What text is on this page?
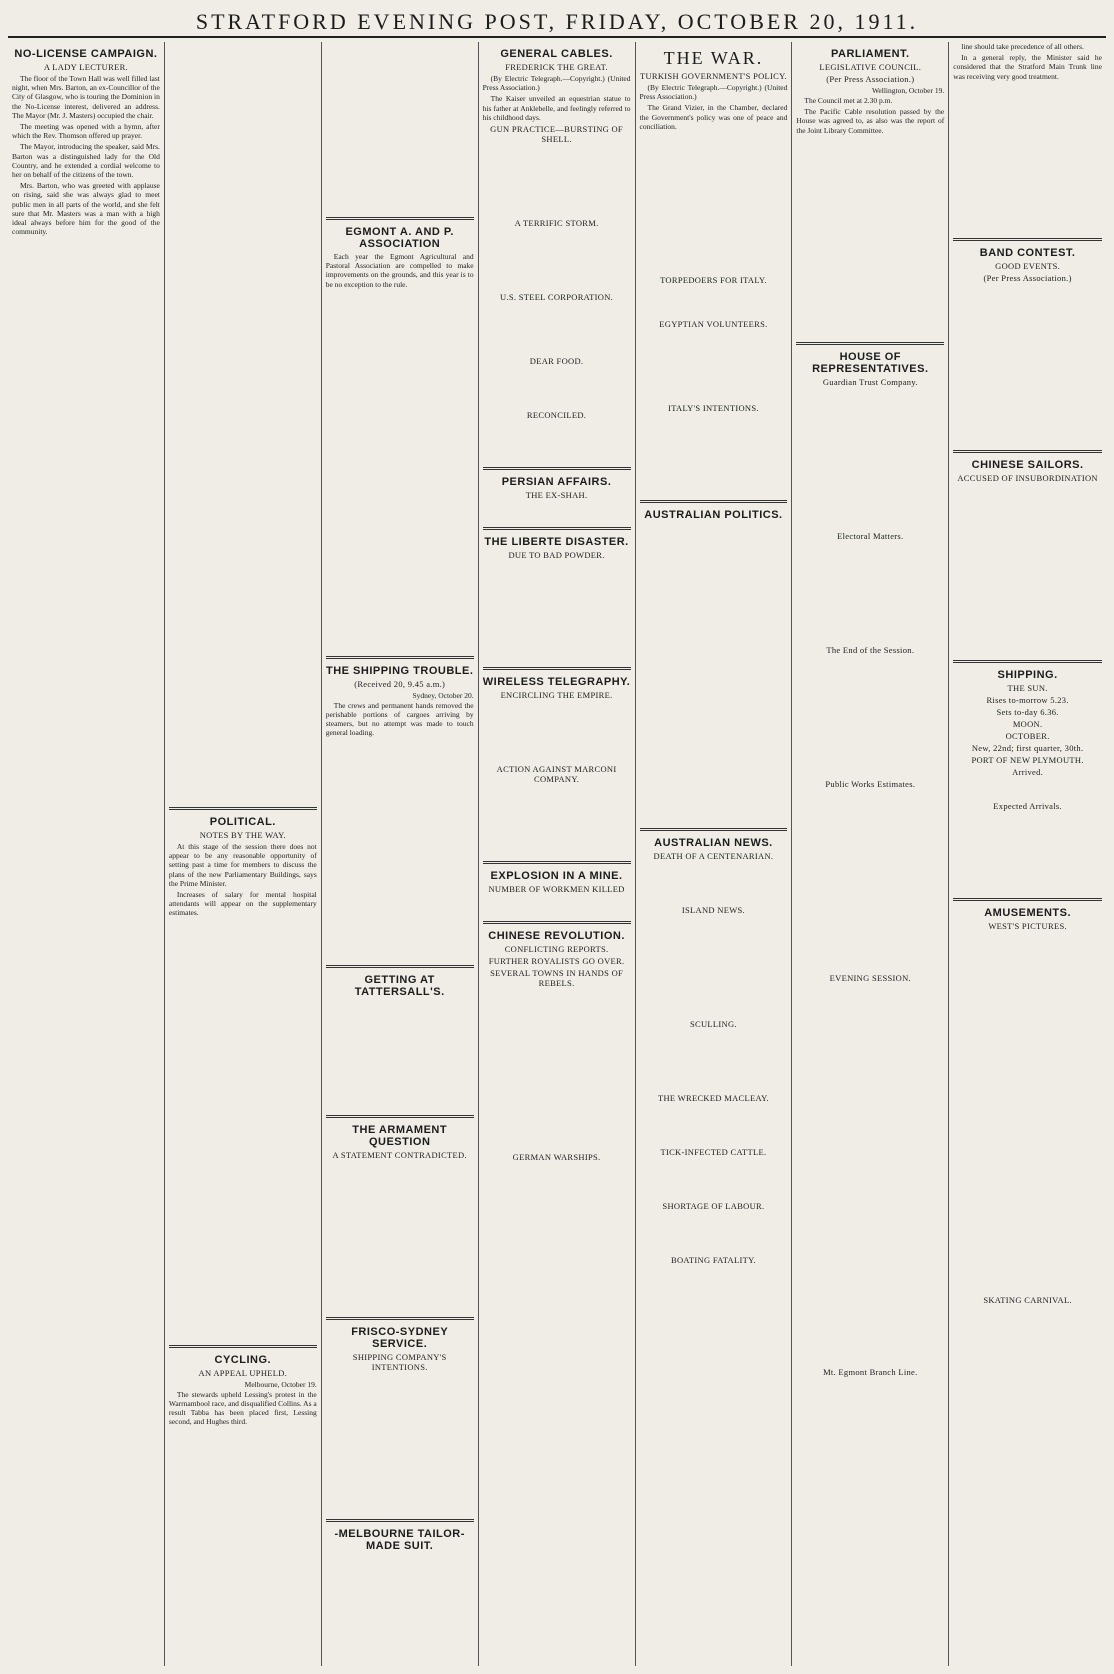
STRATFORD EVENING POST, FRIDAY, OCTOBER 20, 1911.
NO-LICENSE CAMPAIGN.
A LADY LECTURER.

The floor of the Town Hall was well filled last night, when Mrs. Barton, an ex-Councillor of the City of Glasgow, who is touring the Dominion in the No-License interest, delivered an address. The Mayor (Mr. J. Masters) occupied the chair.

The meeting was opened with a hymn, after which the Rev. Thomson offered up prayer.

The Mayor, introducing the speaker, said Mrs. Barton was a distinguished lady for the Old Country, and he extended a cordial welcome to her on behalf of the citizens of the town.

Mrs. Barton, who was greeted with applause on rising, said she was always glad to meet public men in all parts of the world, and she felt sure that Mr. Masters was a man with a high ideal always before him for the good of the community.

POLITICAL.
NOTES BY THE WAY.

At this stage of the session there does not appear to be any reasonable opportunity of setting past a time for members to discuss the plans of the new Parliamentary Buildings, says the Prime Minister.

Increases of salary for mental hospital attendants will appear on the supplementary estimates.

CYCLING.
AN APPEAL UPHELD.
Melbourne, October 19.

The stewards upheld Lessing's protest in the Warrnambool race, and disqualified Collins. As a result Tabba has been placed first, Lessing second, and Hughes third.

EGMONT A. AND P. ASSOCIATION

Each year the Egmont Agricultural and Pastoral Association are compelled to make improvements on the grounds, and this year is to be no exception to the rule.

THE SHIPPING TROUBLE.
(Received 20, 9.45 a.m.)
Sydney, October 20.

The crews and permanent hands removed the perishable portions of cargoes arriving by steamers, but no attempt was made to touch general loading.

GETTING AT TATTERSALL'S.
THE ARMAMENT QUESTION
A STATEMENT CONTRADICTED.
FRISCO-SYDNEY SERVICE.
SHIPPING COMPANY'S INTENTIONS.
-MELBOURNE TAILOR-MADE SUIT.
GENERAL CABLES.
FREDERICK THE GREAT.

(By Electric Telegraph.—Copyright.) (United Press Association.)

The Kaiser unveiled an equestrian statue to his father at Anklebelle, and feelingly referred to his childhood days.

GUN PRACTICE—BURSTING OF SHELL.
A TERRIFIC STORM.
U.S. STEEL CORPORATION.
DEAR FOOD.
RECONCILED.
PERSIAN AFFAIRS.
THE EX-SHAH.
THE LIBERTE DISASTER.
DUE TO BAD POWDER.
WIRELESS TELEGRAPHY.
ENCIRCLING THE EMPIRE.
ACTION AGAINST MARCONI COMPANY.
EXPLOSION IN A MINE.
NUMBER OF WORKMEN KILLED
CHINESE REVOLUTION.
CONFLICTING REPORTS.
FURTHER ROYALISTS GO OVER.
SEVERAL TOWNS IN HANDS OF REBELS.
GERMAN WARSHIPS.
THE WAR.
TURKISH GOVERNMENT'S POLICY.

(By Electric Telegraph.—Copyright.) (United Press Association.)

The Grand Vizier, in the Chamber, declared the Government's policy was one of peace and conciliation.

TORPEDOERS FOR ITALY.
EGYPTIAN VOLUNTEERS.
ITALY'S INTENTIONS.
AUSTRALIAN POLITICS.
AUSTRALIAN NEWS.
DEATH OF A CENTENARIAN.
ISLAND NEWS.
SCULLING.
THE WRECKED MACLEAY.
TICK-INFECTED CATTLE.
SHORTAGE OF LABOUR.
BOATING FATALITY.
PARLIAMENT.
LEGISLATIVE COUNCIL.
(Per Press Association.)
Wellington, October 19.

The Council met at 2.30 p.m.

The Pacific Cable resolution passed by the House was agreed to, as also was the report of the Joint Library Committee.

HOUSE OF REPRESENTATIVES.
Guardian Trust Company.
Electoral Matters.
The End of the Session.
Public Works Estimates.
EVENING SESSION.
Mt. Egmont Branch Line.

line should take precedence of all others.

In a general reply, the Minister said he considered that the Stratford Main Trunk line was receiving very good treatment.

BAND CONTEST.
GOOD EVENTS.
(Per Press Association.)
CHINESE SAILORS.
ACCUSED OF INSUBORDINATION
SHIPPING.
THE SUN.
Rises to-morrow 5.23.
Sets to-day 6.36.
MOON.
OCTOBER.
New, 22nd; first quarter, 30th.
PORT OF NEW PLYMOUTH.
Arrived.
Expected Arrivals.
AMUSEMENTS.
WEST'S PICTURES.
SKATING CARNIVAL.
